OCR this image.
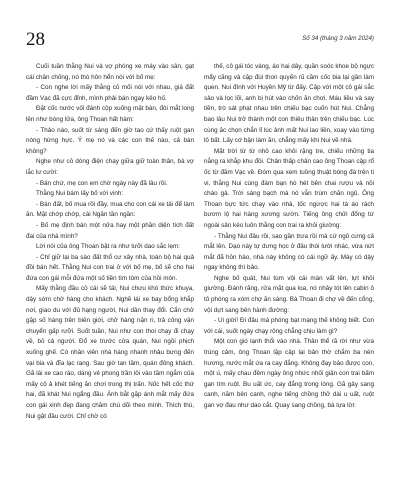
28	Số 34 (tháng 3 năm 2024)

Cuối tuần thằng Nui và vợ phóng xe máy vào sân, gạt cái chân chống, nó thò hôn hển nói với bố mẹ:

- Con nghe lời mấy thằng cỏ mối nói với nhau, giá đất đầm Vạc đã cực đỉnh, mình phải bán ngay kẻo hố.

Đặt cốc nước vối đánh cộp xuống mặt bàn, đôi mắt long lên như bóng lửa, ông Thoan hất hàm:

- Thảo nào, suốt từ sáng đến giờ tao cứ thấy ruột gan nóng hừng hực. Ý mẹ nó và các con thế nào, cả bàn không?

Nghe như cỏ dòng điện chạy giữa giữ toàn thân, bà vợ lắc lư cười:

- Bán chứ, mẹ con em chờ ngày này đã lâu rồi.

Thằng Nui bám lấy bố với vinh:

- Bán đất, bố mua rồi đầy, mua cho con cái xe tải để làm ăn. Mặt chớp chớp, cái Ngân tần ngần:

- Bố mẹ định bán một nửa hay một phần diện tích đất đai của nhà mình?

Lời nói của ông Thoan bật ra như lưỡi dao sắc lẹm:

- Chỉ giữ lại ba sào đất thổ cư xây nhà, toàn bộ hai quả đồi bán hết. Thằng Nui con trai ở với bố mẹ, bố sẽ cho hai đứa con gái mỗi đứa một số tiền tìm tòm của hồi môn.

Mấy thằng đầu cỏ cái sẽ tái, Nui chưu khó thức khuya, dậy sớm chờ hàng cho khách. Nghề lái xe bay bổng khắp nơi, giao du với đủ hạng người, Nui dần thay đổi. Cẩn chở gặp số hàng trên biên giới, chở hàng nặn ri, trả công vận chuyển gấp rưỡi. Suốt tuần, Nui như con thoi chạy đi chạy về, bỏ cả người. Đổ xe trước cửa quán, Nui ngồi phịch xuống ghế. Có nhân viên nhà hàng nhanh nhảu bưng đến vại bia và đĩa lạc rang. Sau giờ tan tầm, quán đông khách. Gã lái xe cao ráo, dáng vẻ phong trần lôi vào tầm ngắm của mấy cô ả khét tiếng ăn chơi trong thị trấn. Nốc hết cốc thứ hai, đã khát Nui ngẩng đầu. Ánh bắt gặp ánh mắt mấy đứa con gái xinh đẹp đang chăm chú dõi theo mình. Thích thú, Nui gật đầu cười. Chỉ chờ có

thế, cô gái tóc vàng, áo hai dây, quần soóc khoe bộ ngực mẩy căng và cặp đùi thon quyến rũ cầm cốc bia lại gần làm quen. Nui đính với Huyền Mỹ từ đấy. Cặp với một cô gái sắc sảo và lọc lõi, anh bị hút vào chốn ăn chơi. Máu liều và say tiền, trò sát phạt nhau trên chiếu bạc cuốn hút Nui. Chẳng bao lâu Nui trở thành một con thiêu thân trên chiếu bạc. Lúc cùng ăc chọn chắn lỉ lúc ảnh mất Nui lao liền, xoay vào từng lô bất. Lấy cớ bận làm ăn, chẳng mấy khi Nui về nhà.

Mặt trời từ từ nhô cao khỏi rặng tre, chiếu những tia nắng ra khắp khu đồi. Chân thấp chân cao ông Thoan cập rổ ốc từ đầm Vạc về. Đóm qua xem tuồng thuật bóng đá trên ti vi, thằng Nui cùng đám bạn hò hét bên chai rượu và nồi cháo gà. Trời sáng bạch mà nó vẫn trùm chăn ngủ. Ông Thoan bực tức chạy vào nhà, tốc ngược hai tà áo rách bươm lộ hai hàng xương sườn. Tiếng ông chửi đổng từ ngoài sân kéo luôn thằng con trai ra khỏi giường:

- Thằng Nui đâu rồi, sao gần trưa rồi mà cứ ngủ cưng cả mắt lên. Dạo này tự dưng học ở đâu thói lười nhác, vừa nứt mắt đã hỏn hào, nhà này không có cái ngữ ấy. Mày có dậy ngay không thì bảo.

Nghe bố quát, Nui tùm vội cái màn vất lên, lựt khỏi giường. Đánh răng, rửa mặt qua loa, nó nhảy tót lên cabin ô tô phóng ra xóm chợ ăn sáng. Bà Thoan đi chợ về đến cổng, vội dựt sang bên hành đường:

- Ui giời! Đi đâu mà phóng bạt mạng thế không biết. Con với cái, suốt ngày chạy rông chẳng chịu làm gì?

Một con gió lạnh thổi vào nhà. Thân thể rã rời như vừa trúng cảm, ông Thoan lặp cập lại bản thờ chắm ba nén hương, nước mắt ứa ra cay đắng. Không đạy bảo được con, một ú, mấy chau đêm ngày ông nhức nhối giận con trai bấm gan tím ruột. Bu uất ức, cay đắng trong lòng. Gã gây sang canh, năm bên canh, nghe tiếng chồng thở dài u uất, ruột gan vợ đau như dao cắt. Quay sang chồng, bà lựa lời:
